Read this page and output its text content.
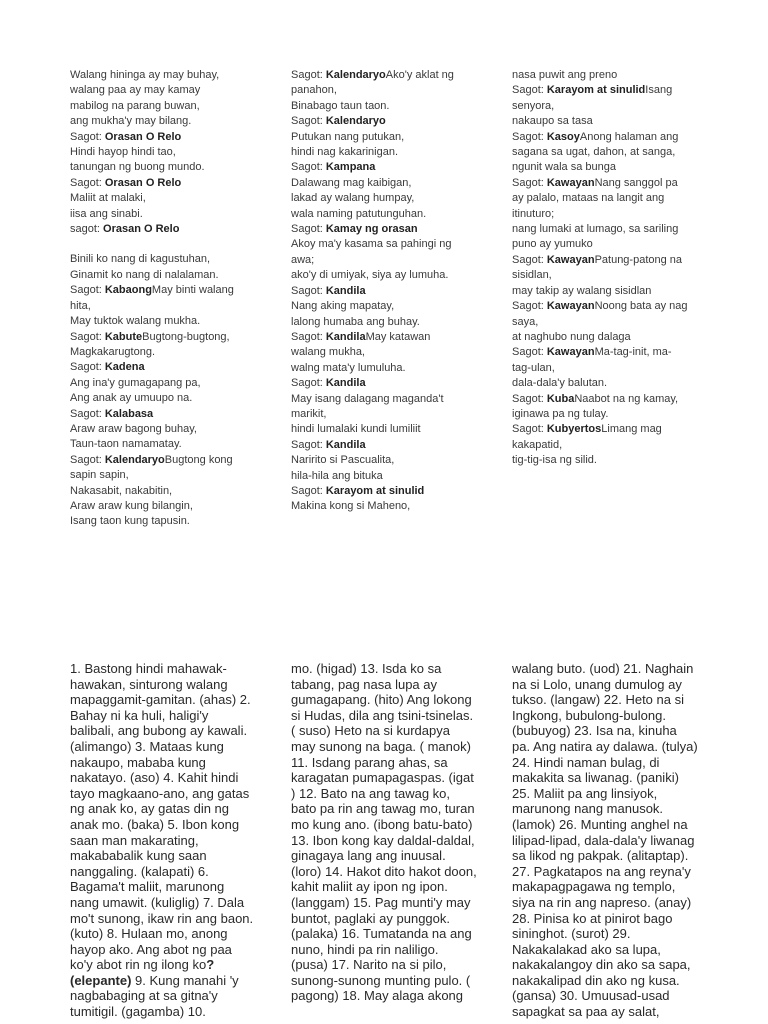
Walang hininga ay may buhay,
walang paa ay may kamay
mabilog na parang buwan,
ang mukha'y may bilang.
Sagot: Orasan O Relo
Hindi hayop hindi tao,
tanungan ng buong mundo.
Sagot: Orasan O Relo
Maliit at malaki,
iisa ang sinabi.
sagot: Orasan O Relo
Binili ko nang di kagustuhan,
Ginamit ko nang di nalalaman.
Sagot: KabaongMay binti walang
hita,
May tuktok walang mukha.
Sagot: KabuteBugtong-bugtong,
Magkakarugtong.
Sagot: Kadena
Ang ina'y gumagapang pa,
Ang anak ay umuupo na.
Sagot: Kalabasa
Araw araw bagong buhay,
Taun-taon namamatay.
Sagot: KalendaryoBugtong kong
sapin sapin,
Nakasabit, nakabitin,
Araw araw kung bilangin,
Isang taon kung tapusin.
Sagot: KalendaryoAko'y aklat ng
panahon,
Binabago taun taon.
Sagot: Kalendaryo
Putukan nang putukan,
hindi nag kakarinigan.
Sagot: Kampana
Dalawang mag kaibigan,
lakad ay walang humpay,
wala naming patutunguhan.
Sagot: Kamay ng orasan
Akoy ma'y kasama sa pahingi ng
awa;
ako'y di umiyak, siya ay lumuha.
Sagot: Kandila
Nang aking mapatay,
lalong humaba ang buhay.
Sagot: KandilaMay katawan
walang mukha,
walng mata'y lumuluha.
Sagot: Kandila
May isang dalagang maganda't
marikit,
hindi lumalaki kundi lumiliit
Sagot: Kandila
Naririto si Pascualita,
hila-hila ang bituka
Sagot: Karayom at sinulid
Makina kong si Maheno,
nasa puwit ang preno
Sagot: Karayom at sinulidIsang
senyora,
nakaupo sa tasa
Sagot: KasoyAnong halaman ang
sagana sa ugat, dahon, at sanga,
ngunit wala sa bunga
Sagot: KawayanNang sanggol pa
ay palalo, mataas na langit ang
itinuturo;
nang lumaki at lumago, sa sariling
puno ay yumuko
Sagot: KawayanPatung-patong na
sisidlan,
may takip ay walang sisidlan
Sagot: KawayanNoong bata ay nag
saya,
at naghubo nung dalaga
Sagot: KawayanMa-tag-init, ma-
tag-ulan,
dala-dala'y balutan.
Sagot: KubaNaabot na ng kamay,
iginawa pa ng tulay.
Sagot: KubyertosLimang mag
kakapatid,
tig-tig-isa ng silid.
1. Bastong hindi mahawak-hawakan, sinturong walang mapaggamit-gamitan. (ahas) 2. Bahay ni ka huli, haligi'y balibali, ang bubong ay kawali. (alimango) 3. Mataas kung nakaupo, mababa kung nakatayo. (aso) 4. Kahit hindi tayo magkaano-ano, ang gatas ng anak ko, ay gatas din ng anak mo. (baka) 5. Ibon kong saan man makarating, makababalik kung saan nanggaling. (kalapati) 6. Bagama't maliit, marunong nang umawit. (kuliglig) 7. Dala mo't sunong, ikaw rin ang baon. (kuto) 8. Hulaan mo, anong hayop ako. Ang abot ng paa ko'y abot rin ng ilong ko? (elepante) 9. Kung manahi 'y nagbabaging at sa gitna'y tumitigil. (gagamba) 10.
mo. (higad) 13. Isda ko sa tabang, pag nasa lupa ay gumagapang. (hito) Ang lokong si Hudas, dila ang tsini-tsinelas. ( suso) Heto na si kurdapya may sunong na baga. ( manok) 11. Isdang parang ahas, sa karagatan pumapagaspas. (igat ) 12. Bato na ang tawag ko, bato pa rin ang tawag mo, turan mo kung ano. (ibong batu-bato) 13. Ibon kong kay daldal-daldal, ginagaya lang ang inuusal. (loro) 14. Hakot dito hakot doon, kahit maliit ay ipon ng ipon. (langgam) 15. Pag munti'y may buntot, paglaki ay punggok. (palaka) 16. Tumatanda na ang nuno, hindi pa rin naliligo. (pusa) 17. Narito na si pilo, sunong-sunong munting pulo. ( pagong) 18. May alaga akong
walang buto. (uod) 21. Naghain na si Lolo, unang dumulog ay tukso. (langaw) 22. Heto na si Ingkong, bubulong-bulong. (bubuyog) 23. Isa na, kinuha pa. Ang natira ay dalawa. (tulya) 24. Hindi naman bulag, di makakita sa liwanag. (paniki) 25. Maliit pa ang linsiyok, marunong nang manusok. (lamok) 26. Munting anghel na lilipad-lipad, dala-dala'y liwanag sa likod ng pakpak. (alitaptap). 27. Pagkatapos na ang reyna'y makapagpagawa ng templo, siya na rin ang napreso. (anay) 28. Pinisa ko at pinirot bago sininghot. (surot) 29. Nakakalakad ako sa lupa, nakakalangoy din ako sa sapa, nakakalipad din ako ng kusa. (gansa) 30. Umuusad-usad sapagkat sa paa ay salat,
